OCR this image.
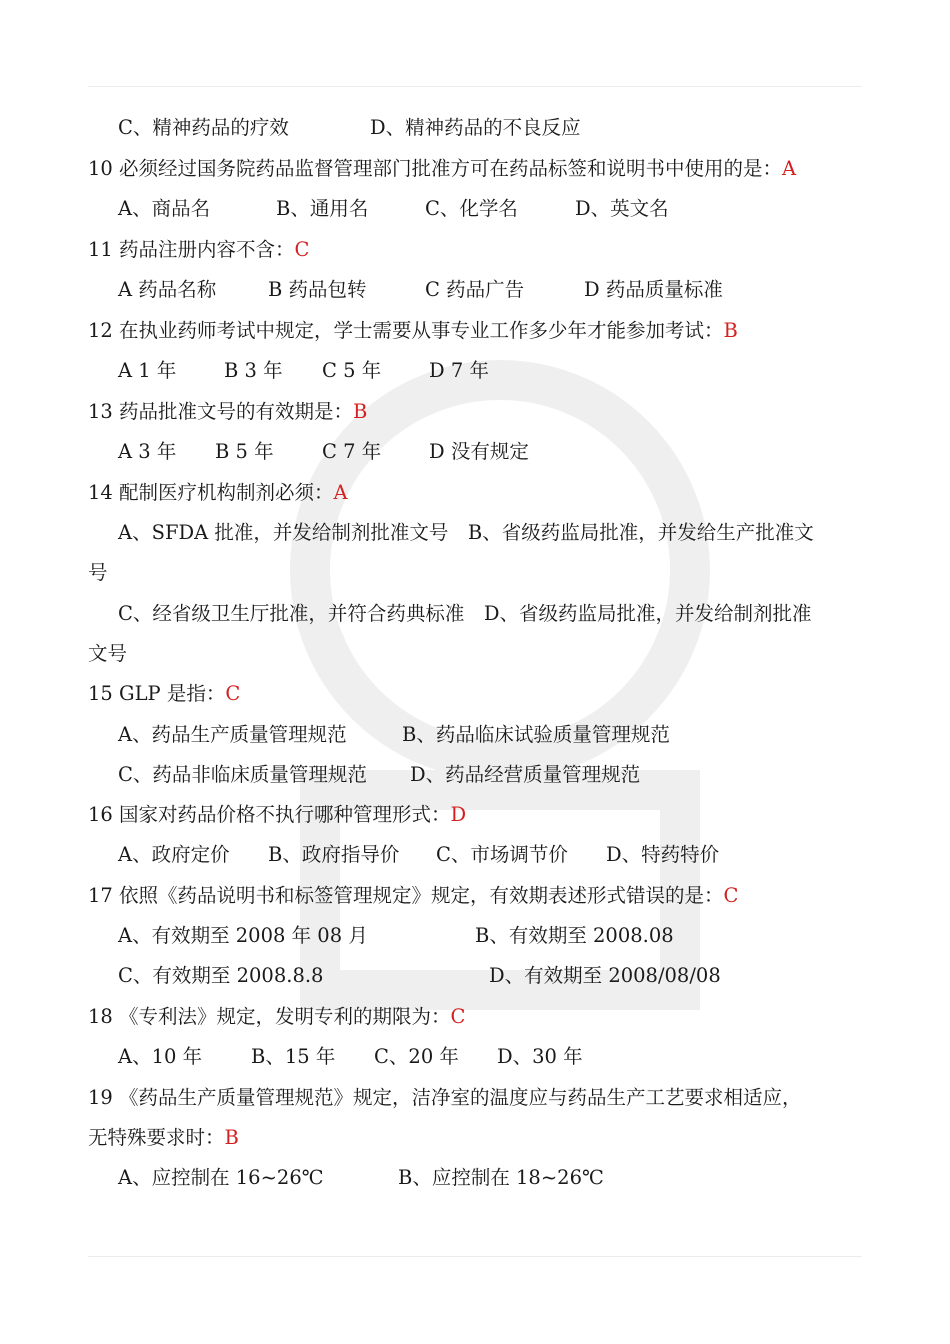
C、精神药品的疗效	D、精神药品的不良反应
10 必须经过国务院药品监督管理部门批准方可在药品标签和说明书中使用的是：A
A、商品名	B、通用名	C、化学名	D、英文名
11 药品注册内容不含：C
A 药品名称	B 药品包转	C 药品广告	D 药品质量标准
12 在执业药师考试中规定，学士需要从事专业工作多少年才能参加考试：B
A 1 年 B 3 年 C 5 年 D 7 年
13 药品批准文号的有效期是：B
A 3 年 B 5 年 C 7 年 D 没有规定
14 配制医疗机构制剂必须：A
A、SFDA 批准，并发给制剂批准文号　B、省级药监局批准，并发给生产批准文
号
C、经省级卫生厅批准，并符合药典标准　D、省级药监局批准，并发给制剂批准
文号
15 GLP 是指：C
A、药品生产质量管理规范	B、药品临床试验质量管理规范
C、药品非临床质量管理规范 D、药品经营质量管理规范
16 国家对药品价格不执行哪种管理形式：D
A、政府定价 B、政府指导价 C、市场调节价 D、特药特价
17 依照《药品说明书和标签管理规定》规定，有效期表述形式错误的是：C
A、有效期至 2008 年 08 月	B、有效期至 2008.08
C、有效期至 2008.8.8	D、有效期至 2008/08/08
18 《专利法》规定，发明专利的期限为：C
A、10 年	B、15 年 C、20 年 D、30 年
19 《药品生产质量管理规范》规定，洁净室的温度应与药品生产工艺要求相适应，
无特殊要求时：B
A、应控制在 16~26℃	B、应控制在 18~26℃
